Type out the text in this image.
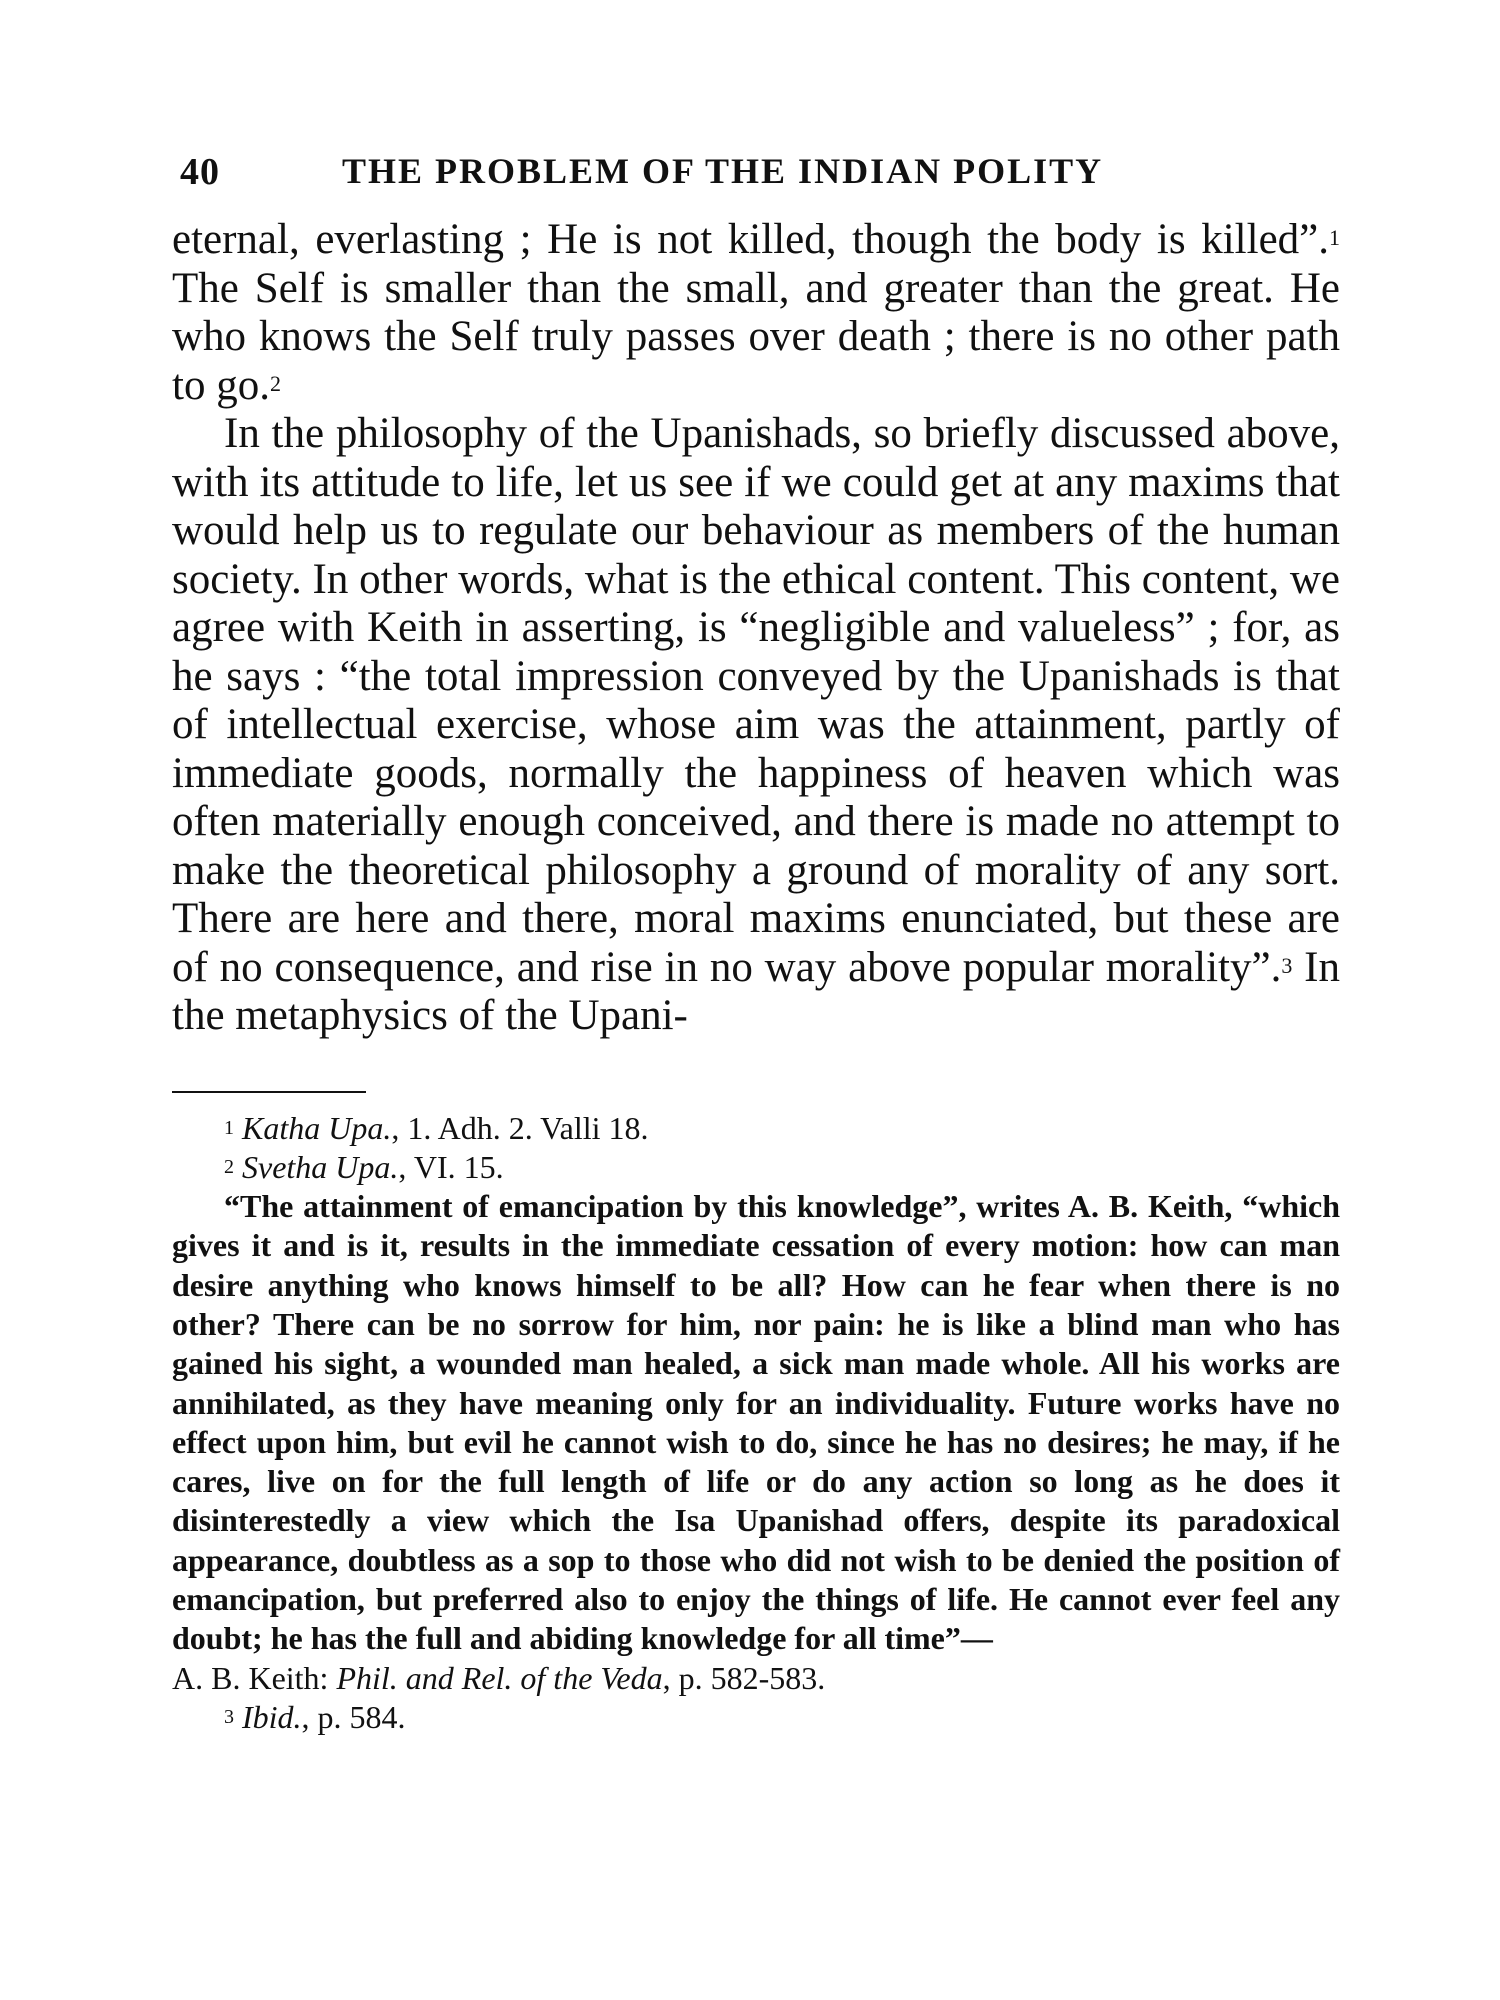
40	THE PROBLEM OF THE INDIAN POLITY

eternal, everlasting ; He is not killed, though the body is killed”.$^1$ The Self is smaller than the small, and greater than the great. He who knows the Self truly passes over death ; there is no other path to go.$^2$

In the philosophy of the Upanishads, so briefly discussed above, with its attitude to life, let us see if we could get at any maxims that would help us to regulate our behaviour as members of the human society. In other words, what is the ethical content. This content, we agree with Keith in asserting, is “negligible and valueless” ; for, as he says : “the total impression conveyed by the Upanishads is that of intellectual exercise, whose aim was the attainment, partly of immediate goods, normally the happiness of heaven which was often materially enough conceived, and there is made no attempt to make the theoretical philosophy a ground of morality of any sort. There are here and there, moral maxims enunciated, but these are of no consequence, and rise in no way above popular morality”.$^3$ In the metaphysics of the Upani-

$^1$ Katha Upa., 1. Adh. 2. Valli 18.

$^2$ Svetha Upa., VI. 15.

“The attainment of emancipation by this knowledge”, writes A. B. Keith, “which gives it and is it, results in the immediate cessation of every motion: how can man desire anything who knows himself to be all? How can he fear when there is no other? There can be no sorrow for him, nor pain: he is like a blind man who has gained his sight, a wounded man healed, a sick man made whole. All his works are annihilated, as they have meaning only for an individuality. Future works have no effect upon him, but evil he cannot wish to do, since he has no desires; he may, if he cares, live on for the full length of life or do any action so long as he does it disinterestedly a view which the Isa Upanishad offers, despite its paradoxical appearance, doubtless as a sop to those who did not wish to be denied the position of emancipation, but preferred also to enjoy the things of life. He cannot ever feel any doubt; he has the full and abiding knowledge for all time”—
A. B. Keith: Phil. and Rel. of the Veda, p. 582-583.

$^3$ Ibid., p. 584.
